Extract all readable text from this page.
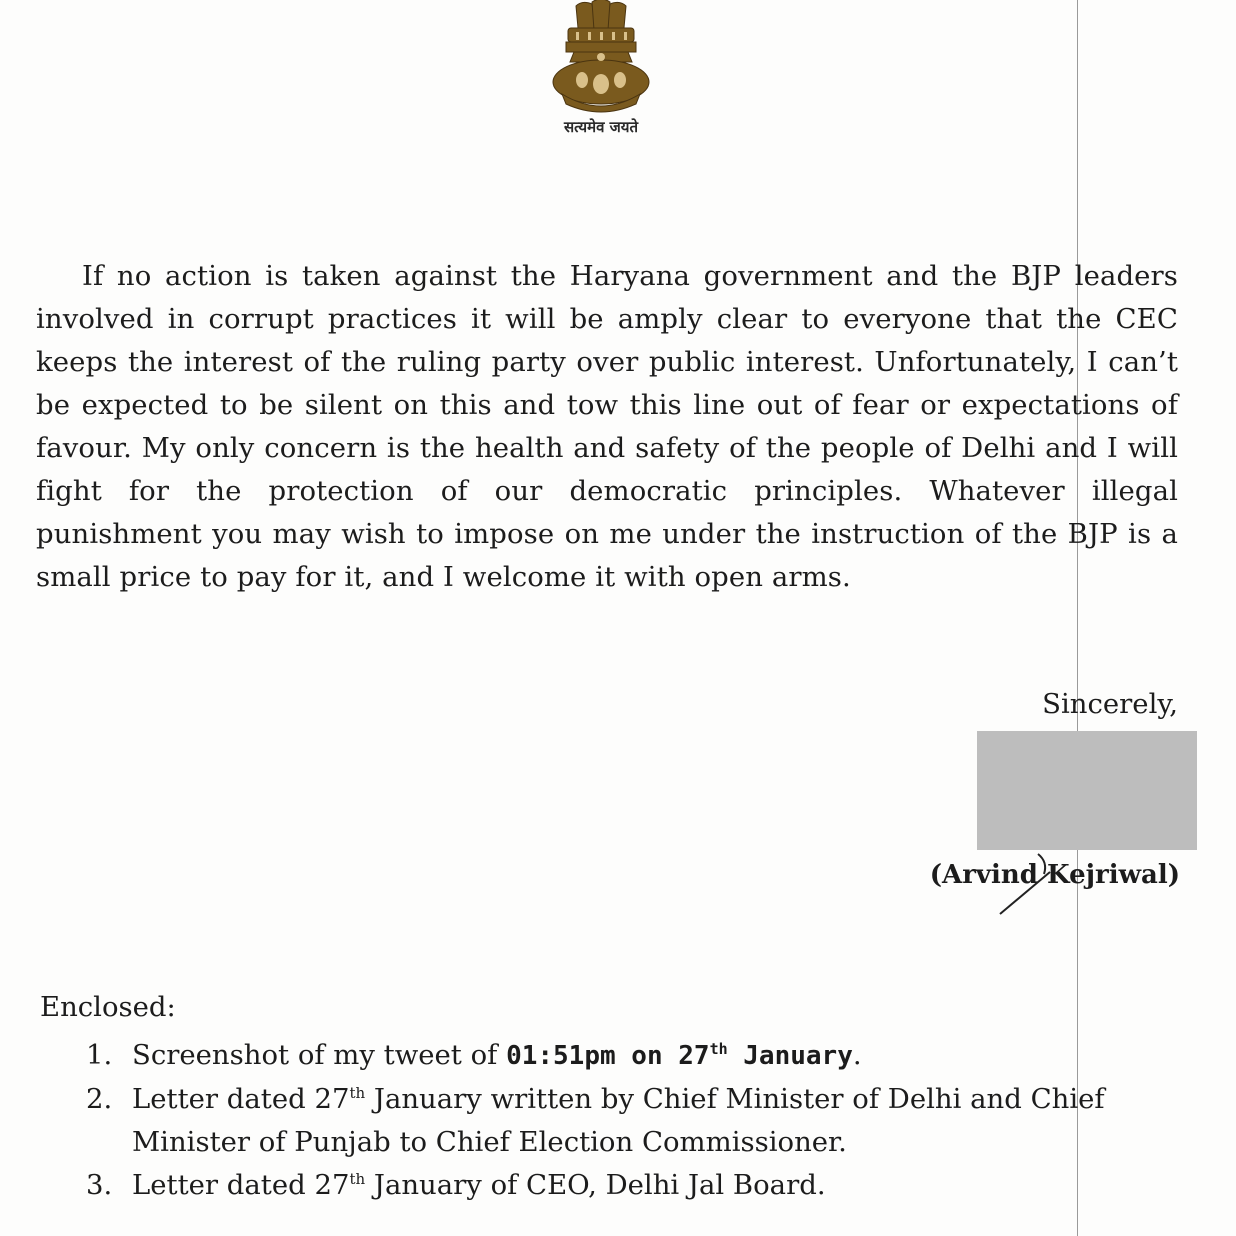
सत्यमेव जयते

If no action is taken against the Haryana government and the BJP leaders involved in corrupt practices it will be amply clear to everyone that the CEC keeps the interest of the ruling party over public interest. Unfortunately, I can’t be expected to be silent on this and tow this line out of fear or expectations of favour. My only concern is the health and safety of the people of Delhi and I will fight for the protection of our democratic principles. Whatever illegal punishment you may wish to impose on me under the instruction of the BJP is a small price to pay for it, and I welcome it with open arms.

Sincerely,
(Arvind Kejriwal)
Enclosed:
1. Screenshot of my tweet of 01:51pm on 27th January.
2. Letter dated 27th January written by Chief Minister of Delhi and Chief Minister of Punjab to Chief Election Commissioner.
3. Letter dated 27th January of CEO, Delhi Jal Board.
